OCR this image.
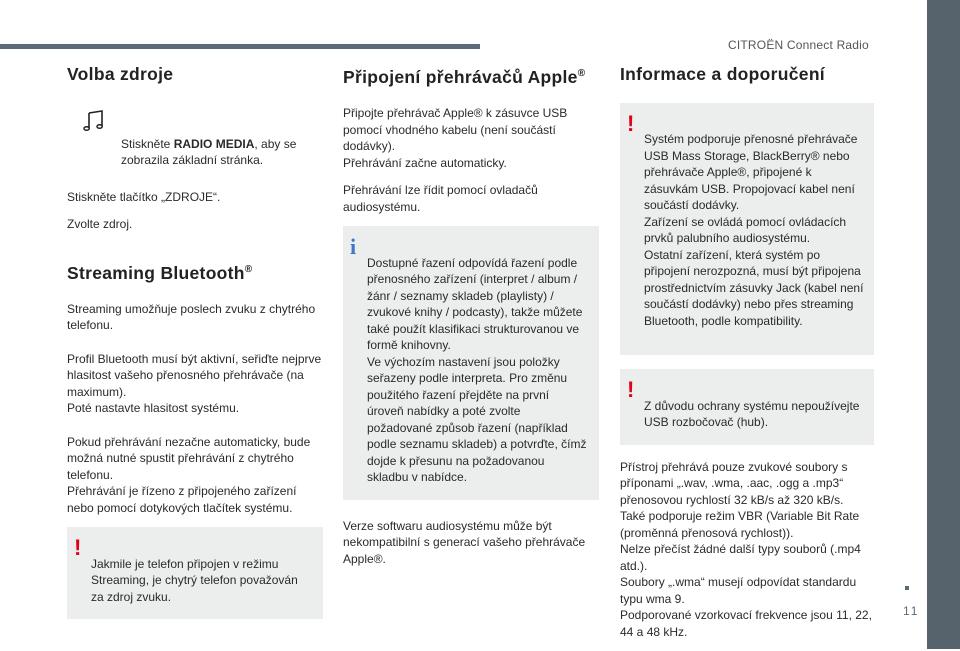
CITROËN Connect Radio
11
Volba zdroje

Stiskněte RADIO MEDIA, aby se zobrazila základní stránka.

Stiskněte tlačítko „ZDROJE“.

Zvolte zdroj.

Streaming Bluetooth®

Streaming umožňuje poslech zvuku z chytrého telefonu.

Profil Bluetooth musí být aktivní, seřiďte nejprve hlasitost vašeho přenosného přehrávače (na maximum).
Poté nastavte hlasitost systému.

Pokud přehrávání nezačne automaticky, bude možná nutné spustit přehrávání z chytrého telefonu.
Přehrávání je řízeno z připojeného zařízení nebo pomocí dotykových tlačítek systému.

!
Jakmile je telefon připojen v režimu Streaming, je chytrý telefon považován za zdroj zvuku.

Připojení přehrávačů Apple®

Připojte přehrávač Apple® k zásuvce USB pomocí vhodného kabelu (není součástí dodávky).
Přehrávání začne automaticky.

Přehrávání lze řídit pomocí ovladačů audiosystému.

i
Dostupné řazení odpovídá řazení podle přenosného zařízení (interpret / album / žánr / seznamy skladeb (playlisty) / zvukové knihy / podcasty), takže můžete také použít klasifikaci strukturovanou ve formě knihovny.
Ve výchozím nastavení jsou položky seřazeny podle interpreta. Pro změnu použitého řazení přejděte na první úroveň nabídky a poté zvolte požadované způsob řazení (například podle seznamu skladeb) a potvrďte, čímž dojde k přesunu na požadovanou skladbu v nabídce.

Verze softwaru audiosystému může být nekompatibilní s generací vašeho přehrávače Apple®.

Informace a doporučení

!
Systém podporuje přenosné přehrávače USB Mass Storage, BlackBerry® nebo přehrávače Apple®, připojené k zásuvkám USB. Propojovací kabel není součástí dodávky.
Zařízení se ovládá pomocí ovládacích prvků palubního audiosystému.
Ostatní zařízení, která systém po připojení nerozpozná, musí být připojena prostřednictvím zásuvky Jack (kabel není součástí dodávky) nebo přes streaming Bluetooth, podle kompatibility.

!
Z důvodu ochrany systému nepoužívejte USB rozbočovač (hub).

Přístroj přehrává pouze zvukové soubory s příponami „.wav, .wma, .aac, .ogg a .mp3“ přenosovou rychlostí 32 kB/s až 320 kB/s.
Také podporuje režim VBR (Variable Bit Rate (proměnná přenosová rychlost)).
Nelze přečíst žádné další typy souborů (.mp4 atd.).
Soubory „.wma“ musejí odpovídat standardu typu wma 9.
Podporované vzorkovací frekvence jsou 11, 22, 44 a 48 kHz.
